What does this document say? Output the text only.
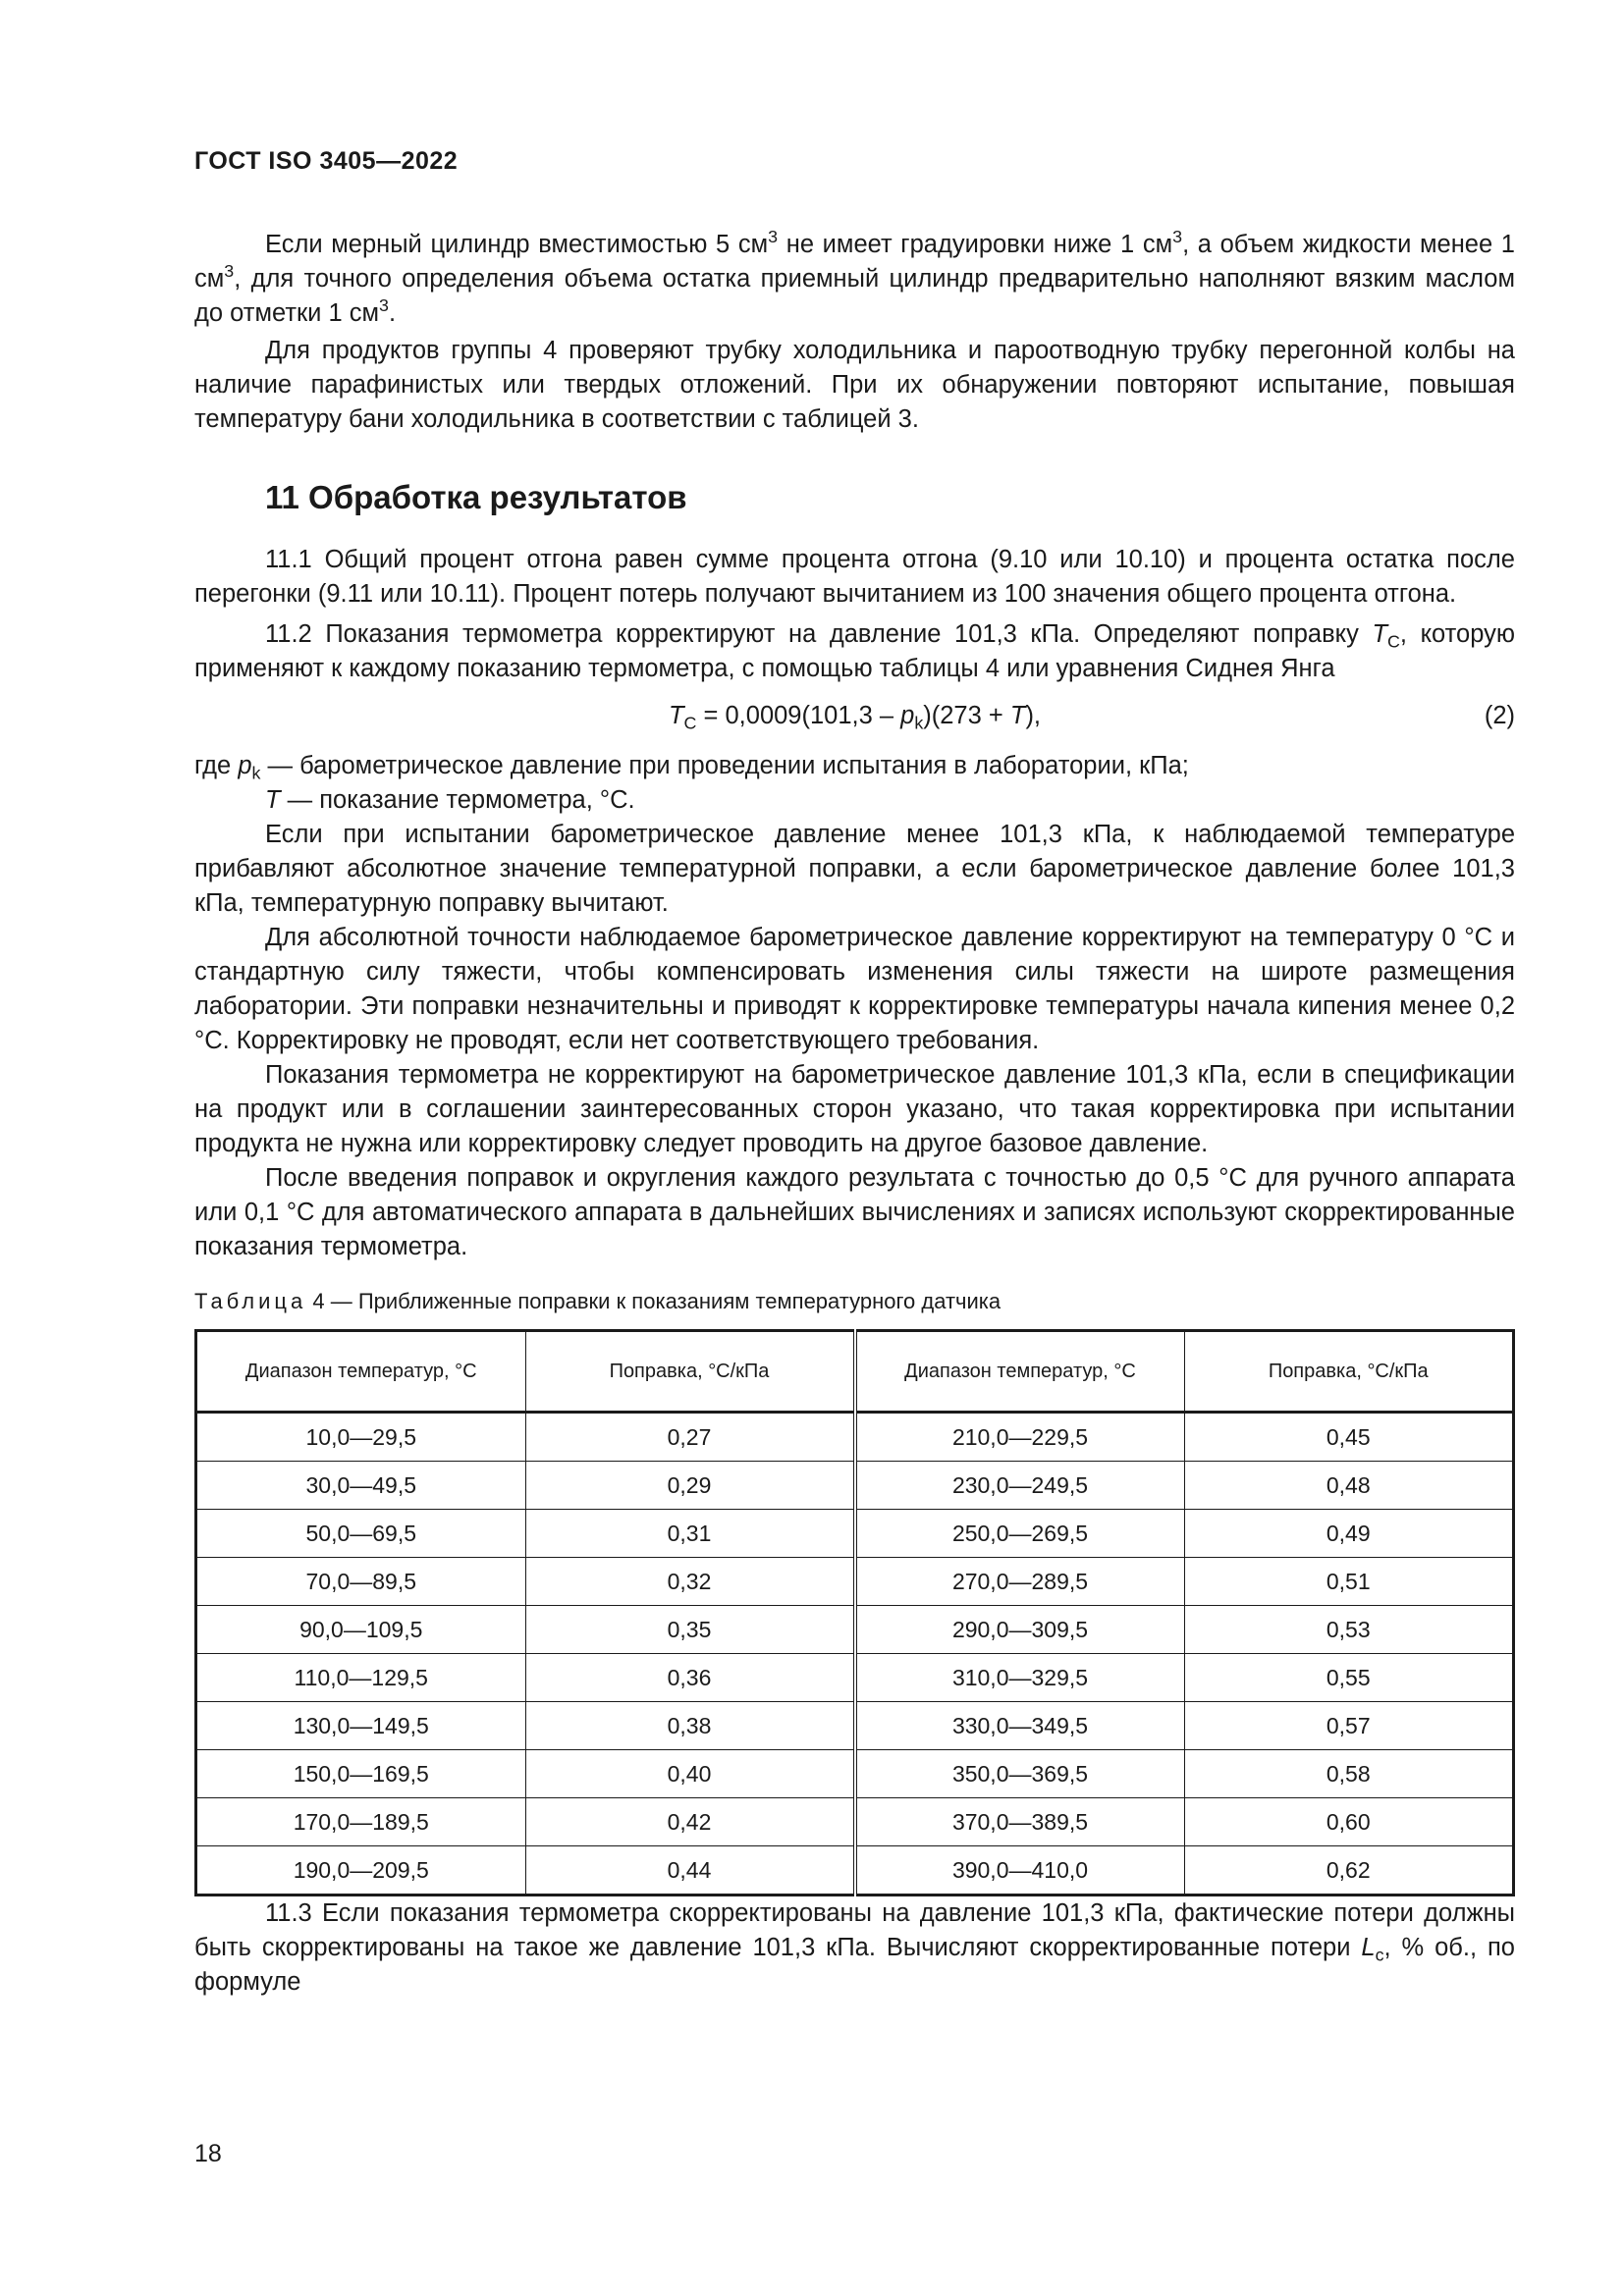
ГОСТ ISO 3405—2022

Если мерный цилиндр вместимостью 5 $см^3$ не имеет градуировки ниже 1 $см^3$, а объем жидкости менее 1 $см^3$, для точного определения объема остатка приемный цилиндр предварительно наполняют вязким маслом до отметки 1 $см^3$.

Для продуктов группы 4 проверяют трубку холодильника и пароотводную трубку перегонной колбы на наличие парафинистых или твердых отложений. При их обнаружении повторяют испытание, повышая температуру бани холодильника в соответствии с таблицей 3.

11 Обработка результатов

11.1 Общий процент отгона равен сумме процента отгона (9.10 или 10.10) и процента остатка после перегонки (9.11 или 10.11). Процент потерь получают вычитанием из 100 значения общего процента отгона.

11.2 Показания термометра корректируют на давление 101,3 кПа. Определяют поправку $T_C$, которую применяют к каждому показанию термометра, с помощью таблицы 4 или уравнения Сиднея Янга

$T_C = 0,0009(101,3 - p_k)(273 + T)$,	(2)

где $p_k$ — барометрическое давление при проведении испытания в лаборатории, кПа;

T — показание термометра, °С.

Если при испытании барометрическое давление менее 101,3 кПа, к наблюдаемой температуре прибавляют абсолютное значение температурной поправки, а если барометрическое давление более 101,3 кПа, температурную поправку вычитают.

Для абсолютной точности наблюдаемое барометрическое давление корректируют на температуру 0 °С и стандартную силу тяжести, чтобы компенсировать изменения силы тяжести на широте размещения лаборатории. Эти поправки незначительны и приводят к корректировке температуры начала кипения менее 0,2 °С. Корректировку не проводят, если нет соответствующего требования.

Показания термометра не корректируют на барометрическое давление 101,3 кПа, если в спецификации на продукт или в соглашении заинтересованных сторон указано, что такая корректировка при испытании продукта не нужна или корректировку следует проводить на другое базовое давление.

После введения поправок и округления каждого результата с точностью до 0,5 °С для ручного аппарата или 0,1 °С для автоматического аппарата в дальнейших вычислениях и записях используют скорректированные показания термометра.

Таблица 4 — Приближенные поправки к показаниям температурного датчика
Диапазон температур, °С	Поправка, °С/кПа	Диапазон температур, °С	Поправка, °С/кПа
10,0—29,5	0,27	210,0—229,5	0,45
30,0—49,5	0,29	230,0—249,5	0,48
50,0—69,5	0,31	250,0—269,5	0,49
70,0—89,5	0,32	270,0—289,5	0,51
90,0—109,5	0,35	290,0—309,5	0,53
110,0—129,5	0,36	310,0—329,5	0,55
130,0—149,5	0,38	330,0—349,5	0,57
150,0—169,5	0,40	350,0—369,5	0,58
170,0—189,5	0,42	370,0—389,5	0,60
190,0—209,5	0,44	390,0—410,0	0,62

11.3 Если показания термометра скорректированы на давление 101,3 кПа, фактические потери должны быть скорректированы на такое же давление 101,3 кПа. Вычисляют скорректированные потери $L_c$, % об., по формуле

18
